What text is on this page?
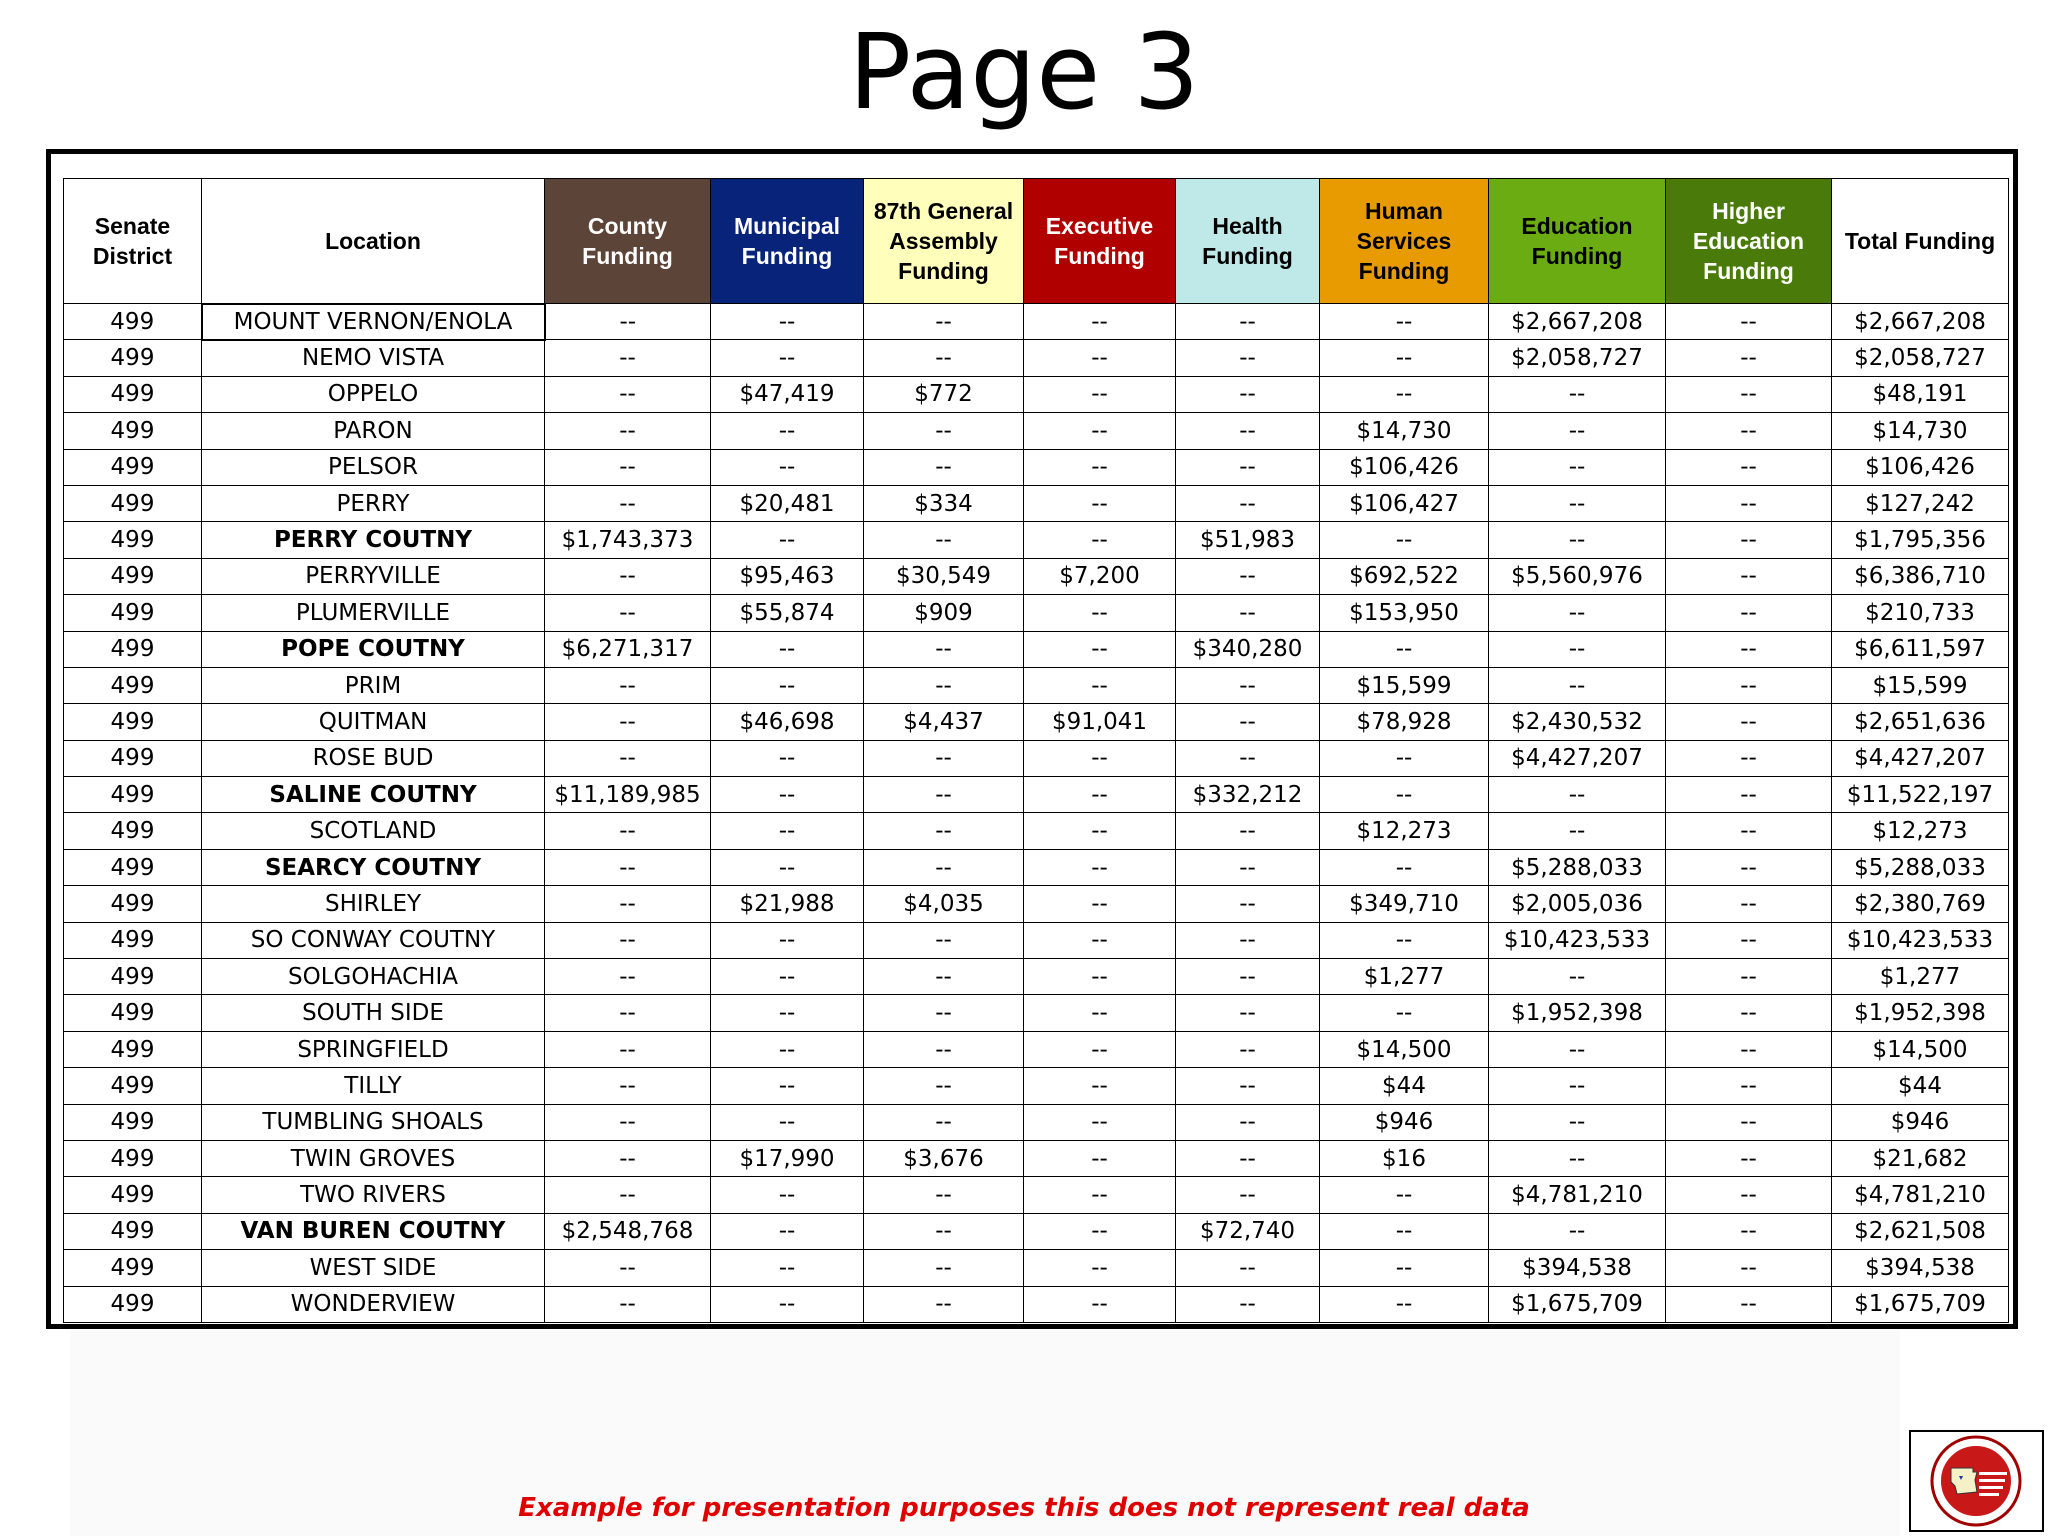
Page 3
Senate District	Location	County Funding	Municipal Funding	87th General Assembly Funding	Executive Funding	Health Funding	Human Services Funding	Education Funding	Higher Education Funding	Total Funding
499	MOUNT VERNON/ENOLA	--	--	--	--	--	--	$2,667,208	--	$2,667,208
499	NEMO VISTA	--	--	--	--	--	--	$2,058,727	--	$2,058,727
499	OPPELO	--	$47,419	$772	--	--	--	--	--	$48,191
499	PARON	--	--	--	--	--	$14,730	--	--	$14,730
499	PELSOR	--	--	--	--	--	$106,426	--	--	$106,426
499	PERRY	--	$20,481	$334	--	--	$106,427	--	--	$127,242
499	PERRY COUTNY	$1,743,373	--	--	--	$51,983	--	--	--	$1,795,356
499	PERRYVILLE	--	$95,463	$30,549	$7,200	--	$692,522	$5,560,976	--	$6,386,710
499	PLUMERVILLE	--	$55,874	$909	--	--	$153,950	--	--	$210,733
499	POPE COUTNY	$6,271,317	--	--	--	$340,280	--	--	--	$6,611,597
499	PRIM	--	--	--	--	--	$15,599	--	--	$15,599
499	QUITMAN	--	$46,698	$4,437	$91,041	--	$78,928	$2,430,532	--	$2,651,636
499	ROSE BUD	--	--	--	--	--	--	$4,427,207	--	$4,427,207
499	SALINE COUTNY	$11,189,985	--	--	--	$332,212	--	--	--	$11,522,197
499	SCOTLAND	--	--	--	--	--	$12,273	--	--	$12,273
499	SEARCY COUTNY	--	--	--	--	--	--	$5,288,033	--	$5,288,033
499	SHIRLEY	--	$21,988	$4,035	--	--	$349,710	$2,005,036	--	$2,380,769
499	SO CONWAY COUTNY	--	--	--	--	--	--	$10,423,533	--	$10,423,533
499	SOLGOHACHIA	--	--	--	--	--	$1,277	--	--	$1,277
499	SOUTH SIDE	--	--	--	--	--	--	$1,952,398	--	$1,952,398
499	SPRINGFIELD	--	--	--	--	--	$14,500	--	--	$14,500
499	TILLY	--	--	--	--	--	$44	--	--	$44
499	TUMBLING SHOALS	--	--	--	--	--	$946	--	--	$946
499	TWIN GROVES	--	$17,990	$3,676	--	--	$16	--	--	$21,682
499	TWO RIVERS	--	--	--	--	--	--	$4,781,210	--	$4,781,210
499	VAN BUREN COUTNY	$2,548,768	--	--	--	$72,740	--	--	--	$2,621,508
499	WEST SIDE	--	--	--	--	--	--	$394,538	--	$394,538
499	WONDERVIEW	--	--	--	--	--	--	$1,675,709	--	$1,675,709
Example for presentation purposes this does not represent real data
